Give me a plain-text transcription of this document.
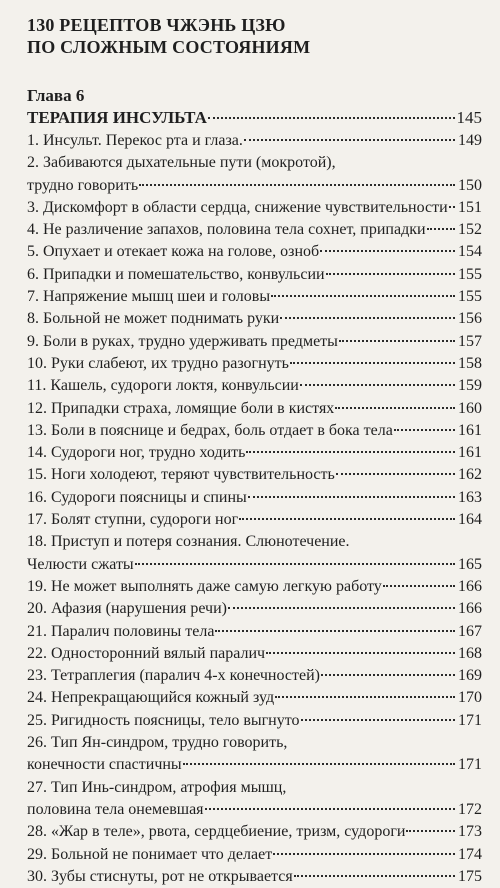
130 РЕЦЕПТОВ ЧЖЭНЬ ЦЗЮ
ПО СЛОЖНЫМ СОСТОЯНИЯМ
Глава 6
ТЕРАПИЯ ИНСУЛЬТА	145
1. Инсульт. Перекос рта и глаза.	149
2. Забиваются дыхательные пути (мокротой),
трудно говорить	150
3. Дискомфорт в области сердца, снижение чувствительности 151
4. Не различение запахов, половина тела сохнет, припадки 152
5. Опухает и отекает кожа на голове, озноб	154
6. Припадки и помешательство, конвульсии	155
7. Напряжение мышц шеи и головы	155
8. Больной не может поднимать руки	156
9. Боли в руках, трудно удерживать предметы	157
10. Руки слабеют, их трудно разогнуть	158
11. Кашель, судороги локтя, конвульсии	159
12. Припадки страха, ломящие боли в кистях	160
13. Боли в пояснице и бедрах, боль отдает в бока тела	161
14. Судороги ног, трудно ходить	161
15. Ноги холодеют, теряют чувствительность	162
16. Судороги поясницы и спины	163
17. Болят ступни, судороги ног	164
18. Приступ и потеря сознания. Слюнотечение.
Челюсти сжаты	165
19. Не может выполнять даже самую легкую работу	166
20. Афазия (нарушения речи)	166
21. Паралич половины тела	167
22. Односторонний вялый паралич	168
23. Тетраплегия (паралич 4-х конечностей)	169
24. Непрекращающийся кожный зуд	170
25. Ригидность поясницы, тело выгнуто	171
26. Тип Ян-синдром, трудно говорить,
конечности спастичны	171
27. Тип Инь-синдром, атрофия мышц,
половина тела онемевшая	172
28. «Жар в теле», рвота, сердцебиение, тризм, судороги	173
29. Больной не понимает что делает	174
30. Зубы стиснуты, рот не открывается	175
